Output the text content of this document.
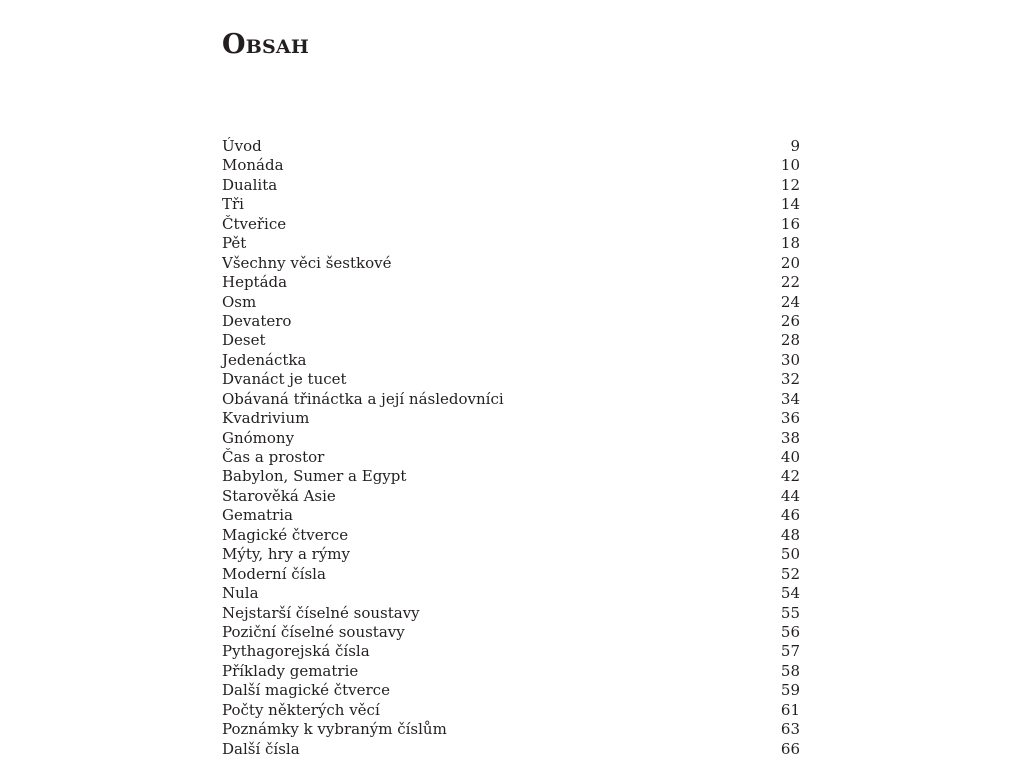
Obsah
Úvod	9
Monáda	10
Dualita	12
Tři	14
Čtveřice	16
Pět	18
Všechny věci šestkové	20
Heptáda	22
Osm	24
Devatero	26
Deset	28
Jedenáctka	30
Dvanáct je tucet	32
Obávaná třináctka a její následovníci	34
Kvadrivium	36
Gnómony	38
Čas a prostor	40
Babylon, Sumer a Egypt	42
Starověká Asie	44
Gematria	46
Magické čtverce	48
Mýty, hry a rýmy	50
Moderní čísla	52
Nula	54
Nejstarší číselné soustavy	55
Poziční číselné soustavy	56
Pythagorejská čísla	57
Příklady gematrie	58
Další magické čtverce	59
Počty některých věcí	61
Poznámky k vybraným číslům	63
Další čísla	66
